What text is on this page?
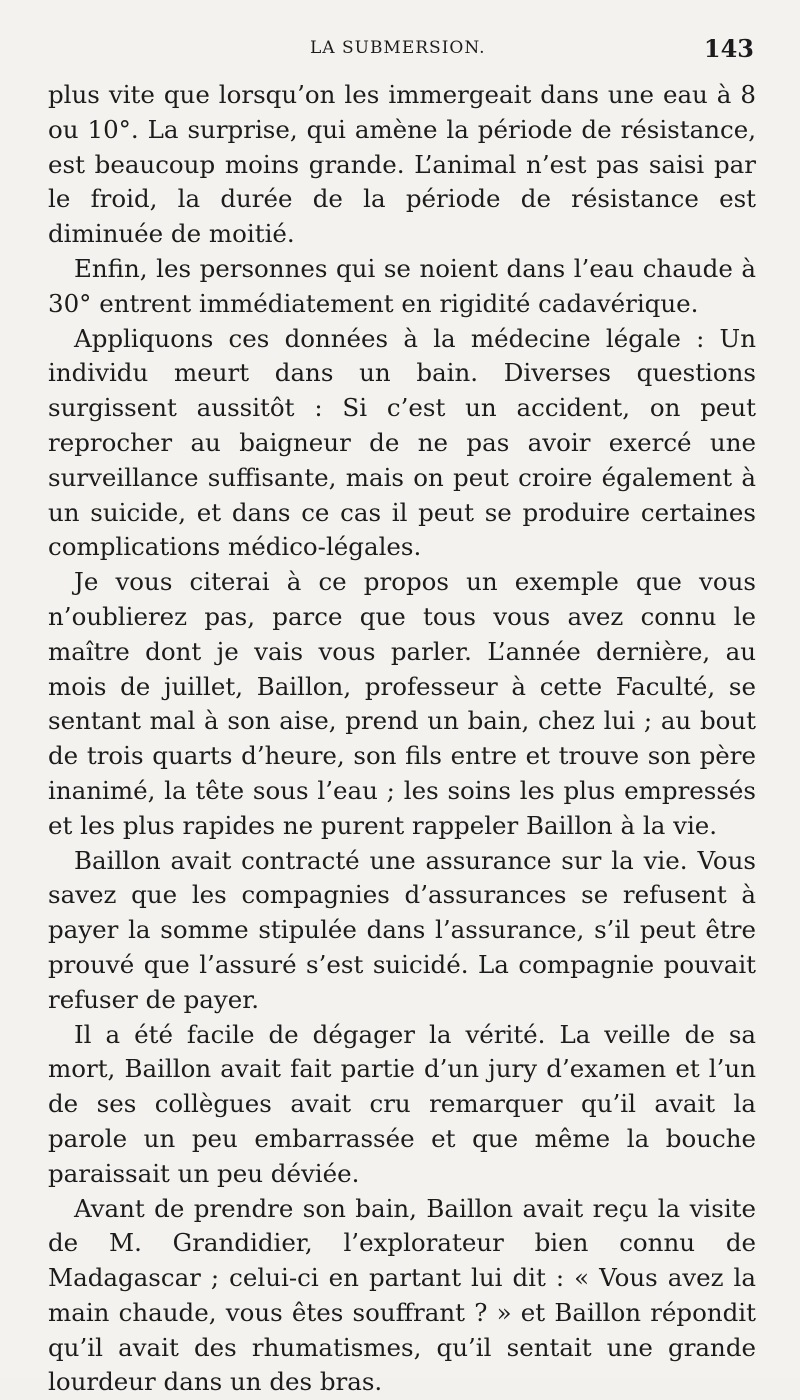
LA SUBMERSION.	143

plus vite que lorsqu’on les immergeait dans une eau à 8 ou 10°. La surprise, qui amène la période de résistance, est beaucoup moins grande. L’animal n’est pas saisi par le froid, la durée de la période de résistance est diminuée de moitié.

Enfin, les personnes qui se noient dans l’eau chaude à 30° entrent immédiatement en rigidité cadavérique.

Appliquons ces données à la médecine légale : Un individu meurt dans un bain. Diverses questions surgissent aussitôt : Si c’est un accident, on peut reprocher au baigneur de ne pas avoir exercé une surveillance suffisante, mais on peut croire également à un suicide, et dans ce cas il peut se produire certaines complications médico-légales.

Je vous citerai à ce propos un exemple que vous n’oublierez pas, parce que tous vous avez connu le maître dont je vais vous parler. L’année dernière, au mois de juillet, Baillon, professeur à cette Faculté, se sentant mal à son aise, prend un bain, chez lui ; au bout de trois quarts d’heure, son fils entre et trouve son père inanimé, la tête sous l’eau ; les soins les plus empressés et les plus rapides ne purent rappeler Baillon à la vie.

Baillon avait contracté une assurance sur la vie. Vous savez que les compagnies d’assurances se refusent à payer la somme stipulée dans l’assurance, s’il peut être prouvé que l’assuré s’est suicidé. La compagnie pouvait refuser de payer.

Il a été facile de dégager la vérité. La veille de sa mort, Baillon avait fait partie d’un jury d’examen et l’un de ses collègues avait cru remarquer qu’il avait la parole un peu embarrassée et que même la bouche paraissait un peu déviée.

Avant de prendre son bain, Baillon avait reçu la visite de M. Grandidier, l’explorateur bien connu de Madagascar ; celui-ci en partant lui dit : « Vous avez la main chaude, vous êtes souffrant ? » et Baillon répondit qu’il avait des rhumatismes, qu’il sentait une grande lourdeur dans un des bras.
